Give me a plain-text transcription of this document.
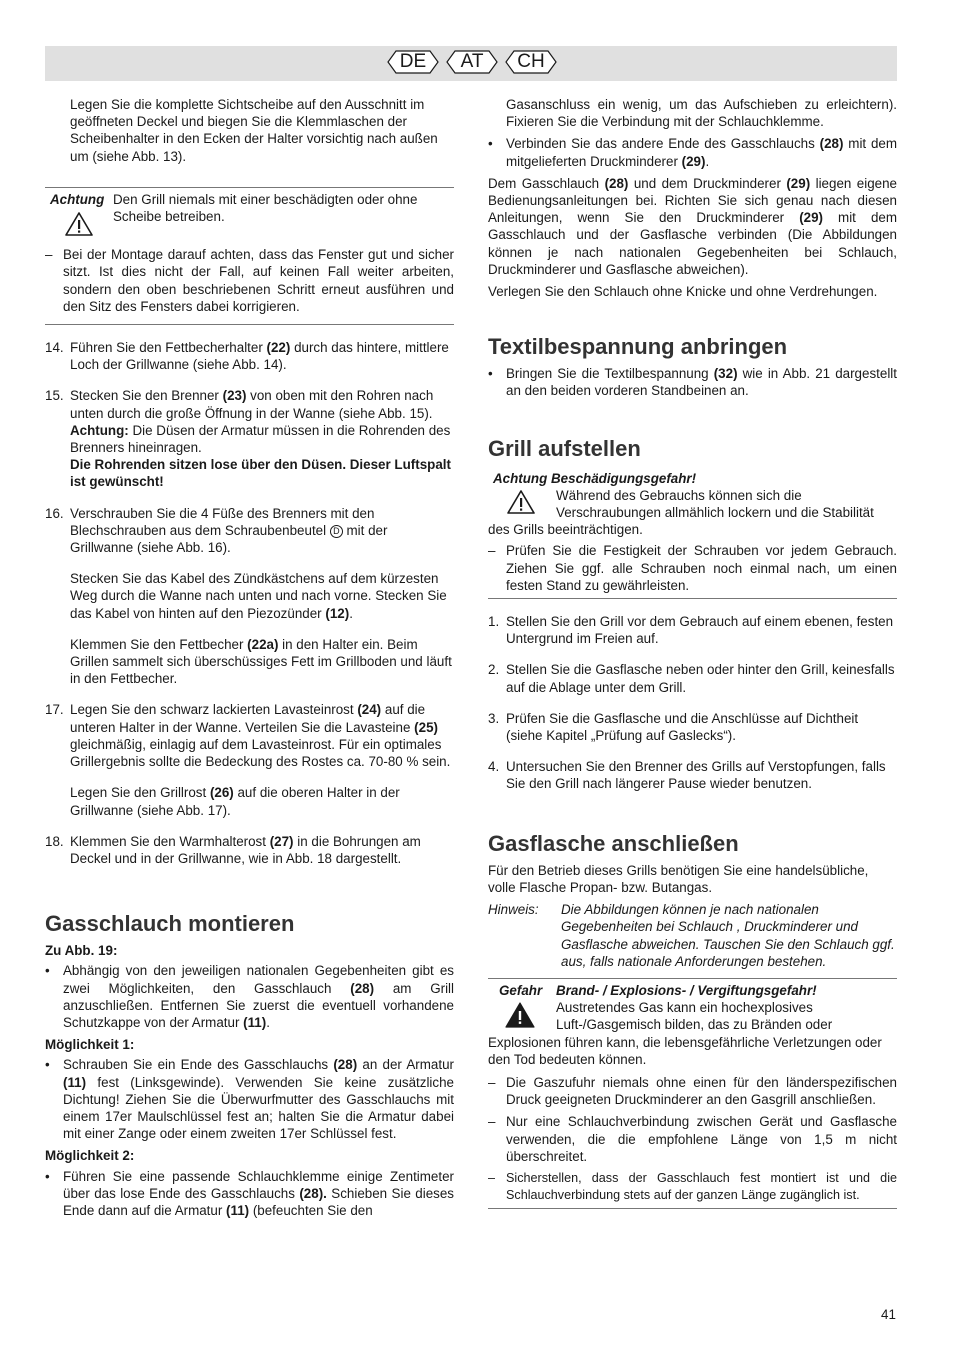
DE	AT	CH

Legen Sie die komplette Sichtscheibe auf den Ausschnitt im geöffneten Deckel und biegen Sie die Klemmlaschen der Scheibenhalter in den Ecken der Halter vorsichtig nach außen um (siehe Abb. 13).

Achtung Den Grill niemals mit einer beschädigten oder ohne Scheibe betreiben.
– Bei der Montage darauf achten, dass das Fenster gut und sicher sitzt. Ist dies nicht der Fall, auf keinen Fall weiter arbeiten, sondern den oben beschriebenen Schritt erneut ausführen und den Sitz des Fensters dabei korrigieren.
14. Führen Sie den Fettbecherhalter (22) durch das hintere, mittlere Loch der Grillwanne (siehe Abb. 14).
15. Stecken Sie den Brenner (23) von oben mit den Rohren nach unten durch die große Öffnung in der Wanne (siehe Abb. 15).
Achtung: Die Düsen der Armatur müssen in die Rohrenden des Brenners hineinragen.
Die Rohrenden sitzen lose über den Düsen. Dieser Luftspalt ist gewünscht!
16. Verschrauben Sie die 4 Füße des Brenners mit den Blechschrauben aus dem Schraubenbeutel D mit der Grillwanne (siehe Abb. 16).
Stecken Sie das Kabel des Zündkästchens auf dem kürzesten Weg durch die Wanne nach unten und nach vorne. Stecken Sie das Kabel von hinten auf den Piezozünder (12).
Klemmen Sie den Fettbecher (22a) in den Halter ein. Beim Grillen sammelt sich überschüssiges Fett im Grillboden und läuft in den Fettbecher.
17. Legen Sie den schwarz lackierten Lavasteinrost (24) auf die unteren Halter in der Wanne. Verteilen Sie die Lavasteine (25) gleichmäßig, einlagig auf dem Lavasteinrost. Für ein optimales Grillergebnis sollte die Bedeckung des Rostes ca. 70-80 % sein.
Legen Sie den Grillrost (26) auf die oberen Halter in der Grillwanne (siehe Abb. 17).
18. Klemmen Sie den Warmhalterost (27) in die Bohrungen am Deckel und in der Grillwanne, wie in Abb. 18 dargestellt.
Gasschlauch montieren
Zu Abb. 19:
• Abhängig von den jeweiligen nationalen Gegebenheiten gibt es zwei Möglichkeiten, den Gasschlauch (28) am Grill anzuschließen. Entfernen Sie zuerst die eventuell vorhandene Schutzkappe von der Armatur (11).
Möglichkeit 1:
• Schrauben Sie ein Ende des Gasschlauchs (28) an der Armatur (11) fest (Linksgewinde). Verwenden Sie keine zusätzliche Dichtung! Ziehen Sie die Überwurfmutter des Gasschlauchs mit einem 17er Maulschlüssel fest an; halten Sie die Armatur dabei mit einer Zange oder einem zweiten 17er Schlüssel fest.
Möglichkeit 2:
• Führen Sie eine passende Schlauchklemme einige Zentimeter über das lose Ende des Gasschlauchs (28). Schieben Sie dieses Ende dann auf die Armatur (11) (befeuchten Sie den

Gasanschluss ein wenig, um das Aufschieben zu erleichtern). Fixieren Sie die Verbindung mit der Schlauchklemme.

• Verbinden Sie das andere Ende des Gasschlauchs (28) mit dem mitgelieferten Druckminderer (29).

Dem Gasschlauch (28) und dem Druckminderer (29) liegen eigene Bedienungsanleitungen bei. Richten Sie sich genau nach diesen Anleitungen, wenn Sie den Druckminderer (29) mit dem Gasschlauch und der Gasflasche verbinden (Die Abbildungen können je nach nationalen Gegebenheiten bei Schlauch, Druckminderer und Gasflasche abweichen).

Verlegen Sie den Schlauch ohne Knicke und ohne Verdrehungen.

Textilbespannung anbringen
• Bringen Sie die Textilbespannung (32) wie in Abb. 21 dargestellt an den beiden vorderen Standbeinen an.
Grill aufstellen
Achtung Beschädigungsgefahr!
Während des Gebrauchs können sich die Verschraubungen allmählich lockern und die Stabilität des Grills beeinträchtigen.
– Prüfen Sie die Festigkeit der Schrauben vor jedem Gebrauch. Ziehen Sie ggf. alle Schrauben noch einmal nach, um einen festen Stand zu gewährleisten.
1. Stellen Sie den Grill vor dem Gebrauch auf einem ebenen, festen Untergrund im Freien auf.
2. Stellen Sie die Gasflasche neben oder hinter den Grill, keinesfalls auf die Ablage unter dem Grill.
3. Prüfen Sie die Gasflasche und die Anschlüsse auf Dichtheit (siehe Kapitel „Prüfung auf Gaslecks“).
4. Untersuchen Sie den Brenner des Grills auf Verstopfungen, falls Sie den Grill nach längerer Pause wieder benutzen.
Gasflasche anschließen

Für den Betrieb dieses Grills benötigen Sie eine handelsübliche, volle Flasche Propan- bzw. Butangas.

Hinweis:	Die Abbildungen können je nach nationalen Gegebenheiten bei Schlauch , Druckminderer und Gasflasche abweichen. Tauschen Sie den Schlauch ggf. aus, falls nationale Anforderungen bestehen.
Gefahr	Brand- / Explosions- / Vergiftungsgefahr!
Austretendes Gas kann ein hochexplosives Luft-/Gasgemisch bilden, das zu Bränden oder Explosionen führen kann, die lebensgefährliche Verletzungen oder den Tod bedeuten können.
– Die Gaszufuhr niemals ohne einen für den länderspezifischen Druck geeigneten Druckminderer an den Gasgrill anschließen.
– Nur eine Schlauchverbindung zwischen Gerät und Gasflasche verwenden, die die empfohlene Länge von 1,5 m nicht überschreitet.
– Sicherstellen, dass der Gasschlauch fest montiert ist und die Schlauchverbindung stets auf der ganzen Länge zugänglich ist.
41
